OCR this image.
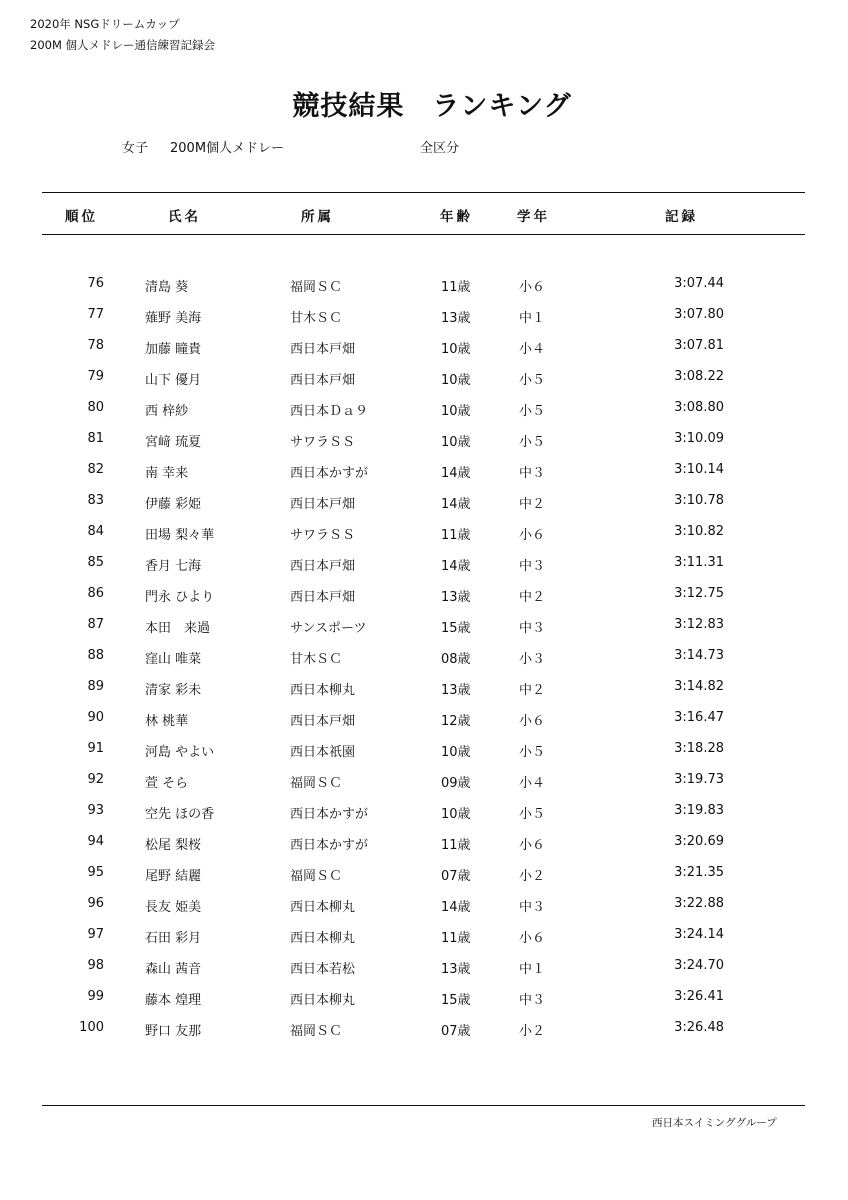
2020年 NSGドリームカップ
200M 個人メドレー通信練習記録会
競技結果　ランキング
女子 200M個人メドレー	全区分
順位	氏名	所属	年齢	学年	記録
76	清島 葵	福岡ＳＣ	11歳	小６	3:07.44
77	薙野 美海	甘木ＳＣ	13歳	中１	3:07.80
78	加藤 瞳貴	西日本戸畑	10歳	小４	3:07.81
79	山下 優月	西日本戸畑	10歳	小５	3:08.22
80	西 梓紗	西日本Ｄａ９	10歳	小５	3:08.80
81	宮﨑 琉夏	サワラＳＳ	10歳	小５	3:10.09
82	南 幸来	西日本かすが	14歳	中３	3:10.14
83	伊藤 彩姫	西日本戸畑	14歳	中２	3:10.78
84	田場 梨々華	サワラＳＳ	11歳	小６	3:10.82
85	香月 七海	西日本戸畑	14歳	中３	3:11.31
86	門永 ひより	西日本戸畑	13歳	中２	3:12.75
87	本田　来過	サンスポーツ	15歳	中３	3:12.83
88	窪山 唯菜	甘木ＳＣ	08歳	小３	3:14.73
89	清家 彩未	西日本柳丸	13歳	中２	3:14.82
90	林 桃華	西日本戸畑	12歳	小６	3:16.47
91	河島 やよい	西日本祇園	10歳	小５	3:18.28
92	萱 そら	福岡ＳＣ	09歳	小４	3:19.73
93	空先 ほの香	西日本かすが	10歳	小５	3:19.83
94	松尾 梨桜	西日本かすが	11歳	小６	3:20.69
95	尾野 結麗	福岡ＳＣ	07歳	小２	3:21.35
96	長友 姫美	西日本柳丸	14歳	中３	3:22.88
97	石田 彩月	西日本柳丸	11歳	小６	3:24.14
98	森山 茜音	西日本若松	13歳	中１	3:24.70
99	藤本 煌理	西日本柳丸	15歳	中３	3:26.41
100	野口 友那	福岡ＳＣ	07歳	小２	3:26.48
西日本スイミンググループ
